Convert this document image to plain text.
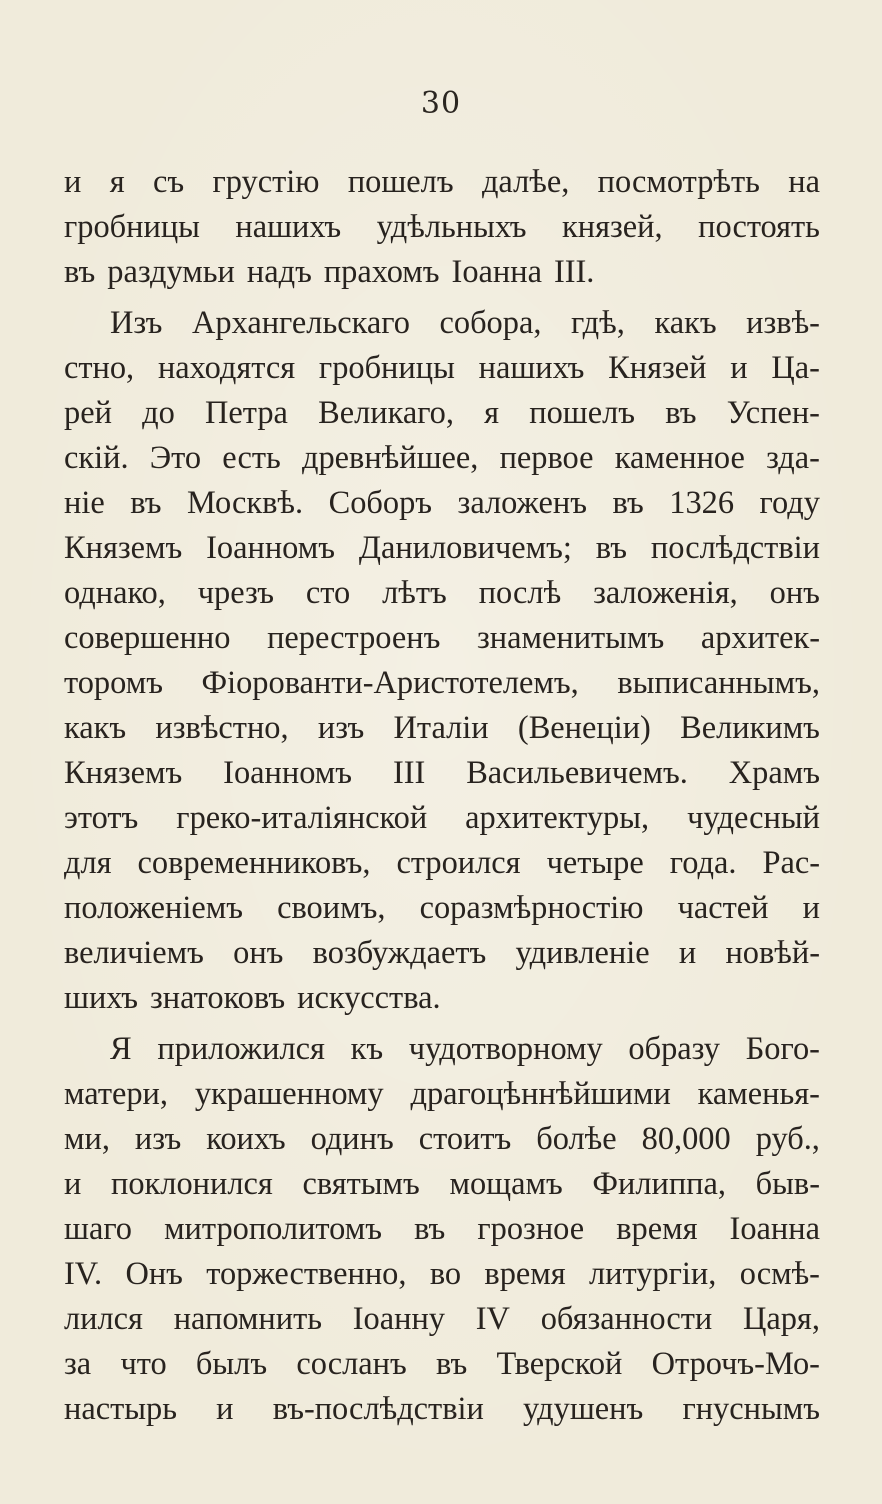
30
и я съ грустію пошелъ далѣе, посмотрѣть на
гробницы нашихъ удѣльныхъ князей, постоять
въ раздумьи надъ прахомъ Іоанна III.
Изъ Архангельскаго собора, гдѣ, какъ извѣ-
стно, находятся гробницы нашихъ Князей и Ца-
рей до Петра Великаго, я пошелъ въ Успен-
скій. Это есть древнѣйшее, первое каменное зда-
ніе въ Москвѣ. Соборъ заложенъ въ 1326 году
Княземъ Іоанномъ Даниловичемъ; въ послѣдствіи
однако, чрезъ сто лѣтъ послѣ заложенія, онъ
совершенно перестроенъ знаменитымъ архитек-
торомъ Фіорованти-Аристотелемъ, выписаннымъ,
какъ извѣстно, изъ Италіи (Венеціи) Великимъ
Княземъ Іоанномъ III Васильевичемъ. Храмъ
этотъ греко-италіянской архитектуры, чудесный
для современниковъ, строился четыре года. Рас-
положеніемъ своимъ, соразмѣрностію частей и
величіемъ онъ возбуждаетъ удивленіе и новѣй-
шихъ знатоковъ искусства.
Я приложился къ чудотворному образу Бого-
матери, украшенному драгоцѣннѣйшими каменья-
ми, изъ коихъ одинъ стоитъ болѣе 80,000 руб.,
и поклонился святымъ мощамъ Филиппа, быв-
шаго митрополитомъ въ грозное время Іоанна
IV. Онъ торжественно, во время литургіи, осмѣ-
лился напомнить Іоанну IV обязанности Царя,
за что былъ сосланъ въ Тверской Отрочъ-Мо-
настырь и въ-послѣдствіи удушенъ гнуснымъ
